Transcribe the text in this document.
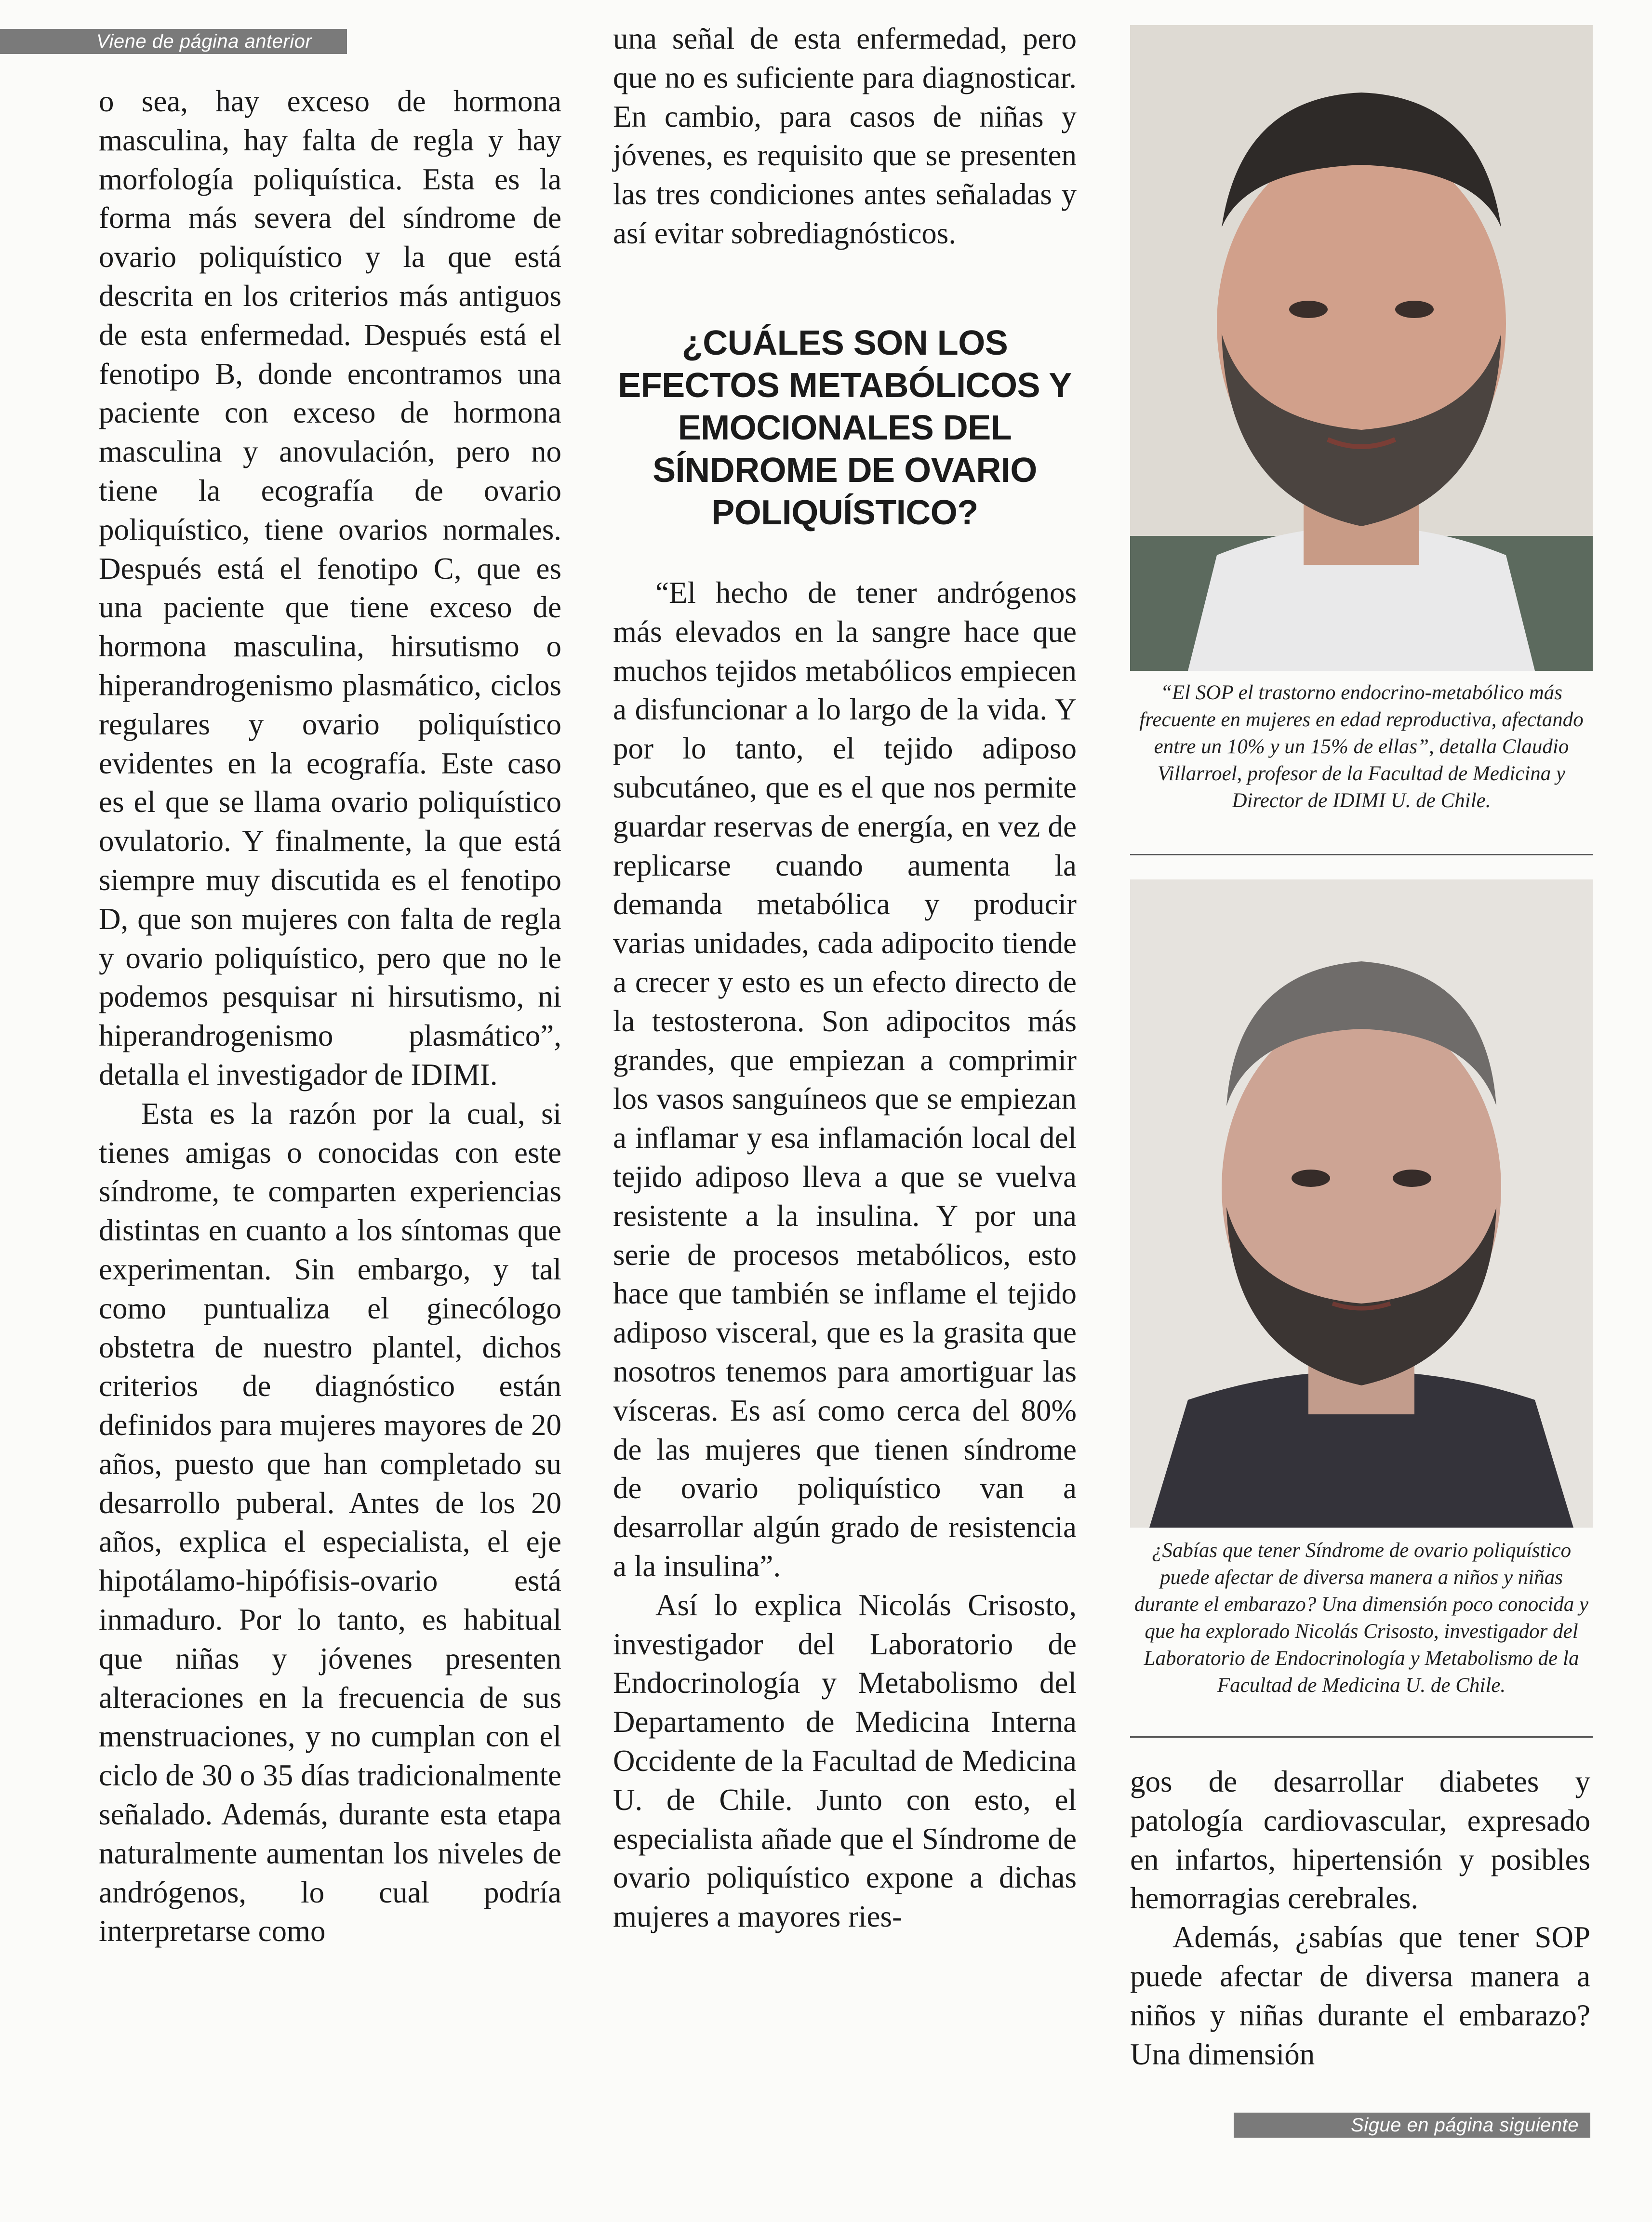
Viene de página anterior

o sea, hay exceso de hormona masculina, hay falta de regla y hay morfología poliquística. Esta es la forma más severa del síndrome de ovario poliquístico y la que está descrita en los criterios más antiguos de esta enfermedad. Después está el fenotipo B, donde encontramos una paciente con exceso de hormona masculina y anovulación, pero no tiene la ecografía de ovario poliquístico, tiene ovarios normales. Después está el fenotipo C, que es una paciente que tiene exceso de hormona masculina, hirsutismo o hiperandrogenismo plasmático, ciclos regulares y ovario poliquístico evidentes en la ecografía. Este caso es el que se llama ovario poliquístico ovulatorio. Y finalmente, la que está siempre muy discutida es el fenotipo D, que son mujeres con falta de regla y ovario poliquístico, pero que no le podemos pesquisar ni hirsutismo, ni hiperandrogenismo plasmático”, detalla el investigador de IDIMI.

Esta es la razón por la cual, si tienes amigas o conocidas con este síndrome, te comparten experiencias distintas en cuanto a los síntomas que experimentan. Sin embargo, y tal como puntualiza el ginecólogo obstetra de nuestro plantel, dichos criterios de diagnóstico están definidos para mujeres mayores de 20 años, puesto que han completado su desarrollo puberal. Antes de los 20 años, explica el especialista, el eje hipotálamo-hipófisis-ovario está inmaduro. Por lo tanto, es habitual que niñas y jóvenes presenten alteraciones en la frecuencia de sus menstruaciones, y no cumplan con el ciclo de 30 o 35 días tradicionalmente señalado. Además, durante esta etapa naturalmente aumentan los niveles de andrógenos, lo cual podría interpretarse como

una señal de esta enfermedad, pero que no es suficiente para diagnosticar. En cambio, para casos de niñas y jóvenes, es requisito que se presenten las tres condiciones antes señaladas y así evitar sobrediagnósticos.

¿CUÁLES SON LOS EFECTOS METABÓLICOS Y EMOCIONALES DEL SÍNDROME DE OVARIO POLIQUÍSTICO?

“El hecho de tener andrógenos más elevados en la sangre hace que muchos tejidos metabólicos empiecen a disfuncionar a lo largo de la vida. Y por lo tanto, el tejido adiposo subcutáneo, que es el que nos permite guardar reservas de energía, en vez de replicarse cuando aumenta la demanda metabólica y producir varias unidades, cada adipocito tiende a crecer y esto es un efecto directo de la testosterona. Son adipocitos más grandes, que empiezan a comprimir los vasos sanguíneos que se empiezan a inflamar y esa inflamación local del tejido adiposo lleva a que se vuelva resistente a la insulina. Y por una serie de procesos metabólicos, esto hace que también se inflame el tejido adiposo visceral, que es la grasita que nosotros tenemos para amortiguar las vísceras. Es así como cerca del 80% de las mujeres que tienen síndrome de ovario poliquístico van a desarrollar algún grado de resistencia a la insulina”.

Así lo explica Nicolás Crisosto, investigador del Laboratorio de Endocrinología y Metabolismo del Departamento de Medicina Interna Occidente de la Facultad de Medicina U. de Chile. Junto con esto, el especialista añade que el Síndrome de ovario poliquístico expone a dichas mujeres a mayores ries-

“El SOP el trastorno endocrino-metabólico más frecuente en mujeres en edad reproductiva, afectando entre un 10% y un 15% de ellas”, detalla Claudio Villarroel, profesor de la Facultad de Medicina y Director de IDIMI U. de Chile.
¿Sabías que tener Síndrome de ovario poliquístico puede afectar de diversa manera a niños y niñas durante el embarazo? Una dimensión poco conocida y que ha explorado Nicolás Crisosto, investigador del Laboratorio de Endocrinología y Metabolismo de la Facultad de Medicina U. de Chile.

gos de desarrollar diabetes y patología cardiovascular, expresado en infartos, hipertensión y posibles hemorragias cerebrales.

Además, ¿sabías que tener SOP puede afectar de diversa manera a niños y niñas durante el embarazo? Una dimensión

Sigue en página siguiente
